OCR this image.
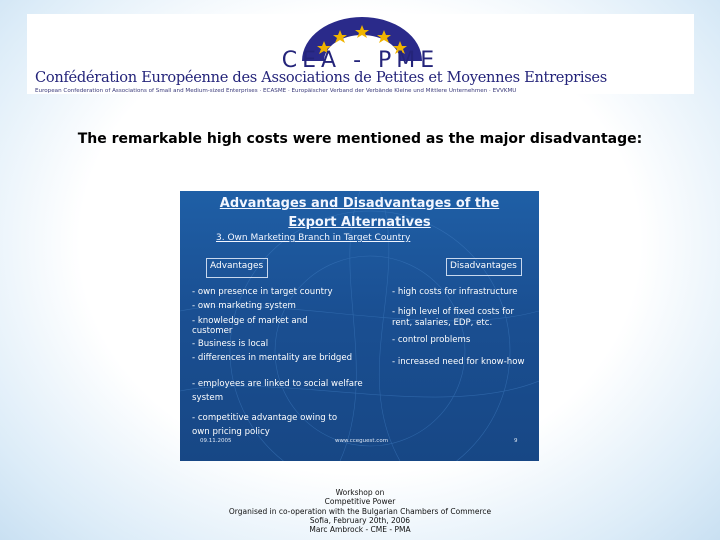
CEA - PME
Confédération Européenne des Associations de Petites et Moyennes Entreprises
European Confederation of Associations of Small and Medium-sized Enterprises · ECASME · Europäischer Verband der Verbände Kleine und Mittlere Unternehmen · EVVKMU
The remarkable high costs were mentioned as the major disadvantage:
Advantages and Disadvantages of the
Export Alternatives
3. Own Marketing Branch in Target Country
Advantages	Disadvantages
- own presence in target country
- own marketing system
- knowledge of market and
customer
- Business is local
- differences in mentality are bridged
- employees are linked to social welfare
system
- competitive advantage owing to
own pricing policy
- high costs for infrastructure
- high level of fixed costs for
rent, salaries, EDP, etc.
- control problems
- increased need for know-how
09.11.2005	www.cceguest.com	9
Workshop on
Competitive Power
Organised in co-operation with the Bulgarian Chambers of Commerce
Sofia, February 20th, 2006
Marc Ambrock - CME - PMA
